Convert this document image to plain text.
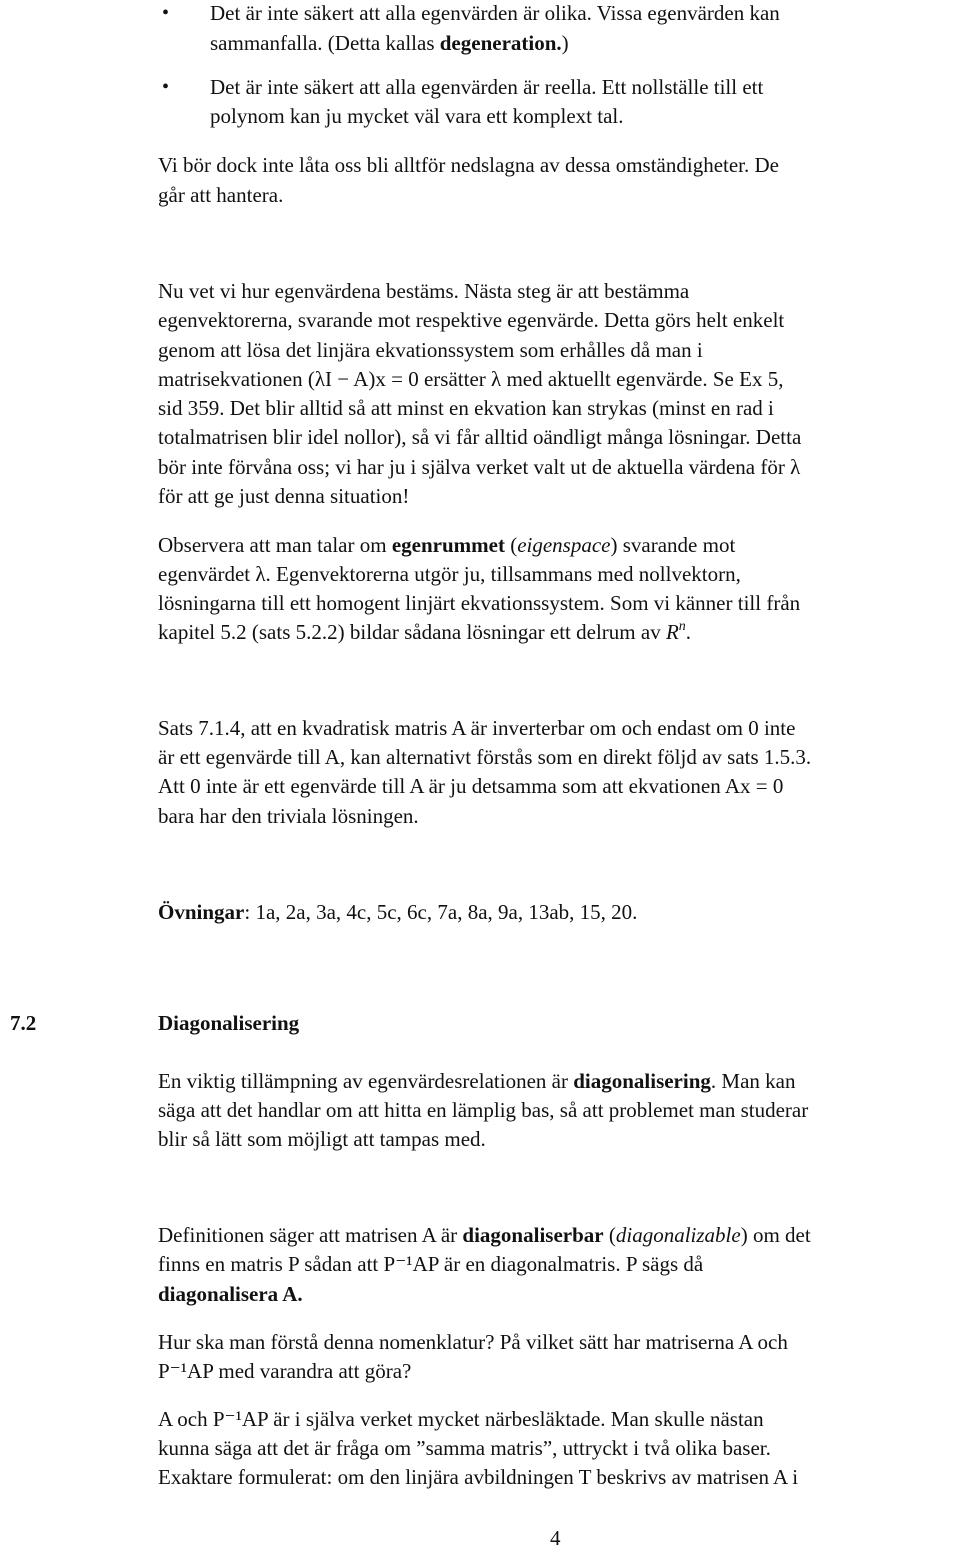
• Det är inte säkert att alla egenvärden är olika. Vissa egenvärden kan
sammanfalla. (Detta kallas degeneration.)
• Det är inte säkert att alla egenvärden är reella. Ett nollställe till ett
polynom kan ju mycket väl vara ett komplext tal.
Vi bör dock inte låta oss bli alltför nedslagna av dessa omständigheter. De
går att hantera.
Nu vet vi hur egenvärdena bestäms. Nästa steg är att bestämma
egenvektorerna, svarande mot respektive egenvärde. Detta görs helt enkelt
genom att lösa det linjära ekvationssystem som erhålles då man i
matrisekvationen (λI − A)x = 0 ersätter λ med aktuellt egenvärde. Se Ex 5,
sid 359. Det blir alltid så att minst en ekvation kan strykas (minst en rad i
totalmatrisen blir idel nollor), så vi får alltid oändligt många lösningar. Detta
bör inte förvåna oss; vi har ju i själva verket valt ut de aktuella värdena för λ
för att ge just denna situation!
Observera att man talar om egenrummet (eigenspace) svarande mot
egenvärdet λ. Egenvektorerna utgör ju, tillsammans med nollvektorn,
lösningarna till ett homogent linjärt ekvationssystem. Som vi känner till från
kapitel 5.2 (sats 5.2.2) bildar sådana lösningar ett delrum av $R^n$.
Sats 7.1.4, att en kvadratisk matris A är inverterbar om och endast om 0 inte
är ett egenvärde till A, kan alternativt förstås som en direkt följd av sats 1.5.3.
Att 0 inte är ett egenvärde till A är ju detsamma som att ekvationen Ax = 0
bara har den triviala lösningen.
Övningar: 1a, 2a, 3a, 4c, 5c, 6c, 7a, 8a, 9a, 13ab, 15, 20.
7.2	Diagonalisering
En viktig tillämpning av egenvärdesrelationen är diagonalisering. Man kan
säga att det handlar om att hitta en lämplig bas, så att problemet man studerar
blir så lätt som möjligt att tampas med.
Definitionen säger att matrisen A är diagonaliserbar (diagonalizable) om det
finns en matris P sådan att P⁻¹AP är en diagonalmatris. P sägs då
diagonalisera A.
Hur ska man förstå denna nomenklatur? På vilket sätt har matriserna A och
P⁻¹AP med varandra att göra?
A och P⁻¹AP är i själva verket mycket närbesläktade. Man skulle nästan
kunna säga att det är fråga om ”samma matris”, uttryckt i två olika baser.
Exaktare formulerat: om den linjära avbildningen T beskrivs av matrisen A i
4
